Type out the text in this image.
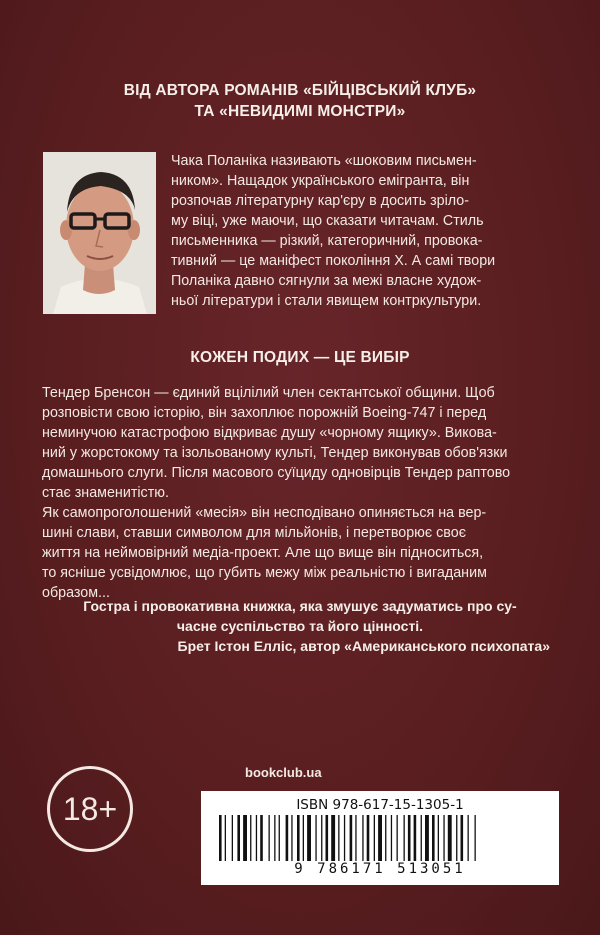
ВІД АВТОРА РОМАНІВ «БІЙЦІВСЬКИЙ КЛУБ»
ТА «НЕВИДИМІ МОНСТРИ»
Чака Поланіка називають «шоковим письмен-
ником». Нащадок українського емігранта, він
розпочав літературну кар'єру в досить зріло-
му віці, уже маючи, що сказати читачам. Стиль
письменника — різкий, категоричний, провока-
тивний — це маніфест покоління X. А самі твори
Поланіка давно сягнули за межі власне худож-
ньої літератури і стали явищем контркультури.
КОЖЕН ПОДИХ — ЦЕ ВИБІР
Тендер Бренсон — єдиний вцілілий член сектантської общини. Щоб
розповісти свою історію, він захоплює порожній Boeing-747 і перед
неминучою катастрофою відкриває душу «чорному ящику». Викова-
ний у жорстокому та ізольованому культі, Тендер виконував обов'язки
домашнього слуги. Після масового суїциду одновірців Тендер раптово
стає знаменитістю.
Як самопроголошений «месія» він несподівано опиняється на вер-
шині слави, ставши символом для мільйонів, і перетворює своє
життя на неймовірний медіа-проект. Але що вище він підноситься,
то ясніше усвідомлює, що губить межу між реальністю і вигаданим
образом...
Гостра і провокативна книжка, яка змушує задуматись про су-
часне суспільство та його цінності.
Брет Істон Елліс, автор «Американського психопата»
bookclub.ua
18+	ISBN 978-617-15-1305-1
9 786171 513051
